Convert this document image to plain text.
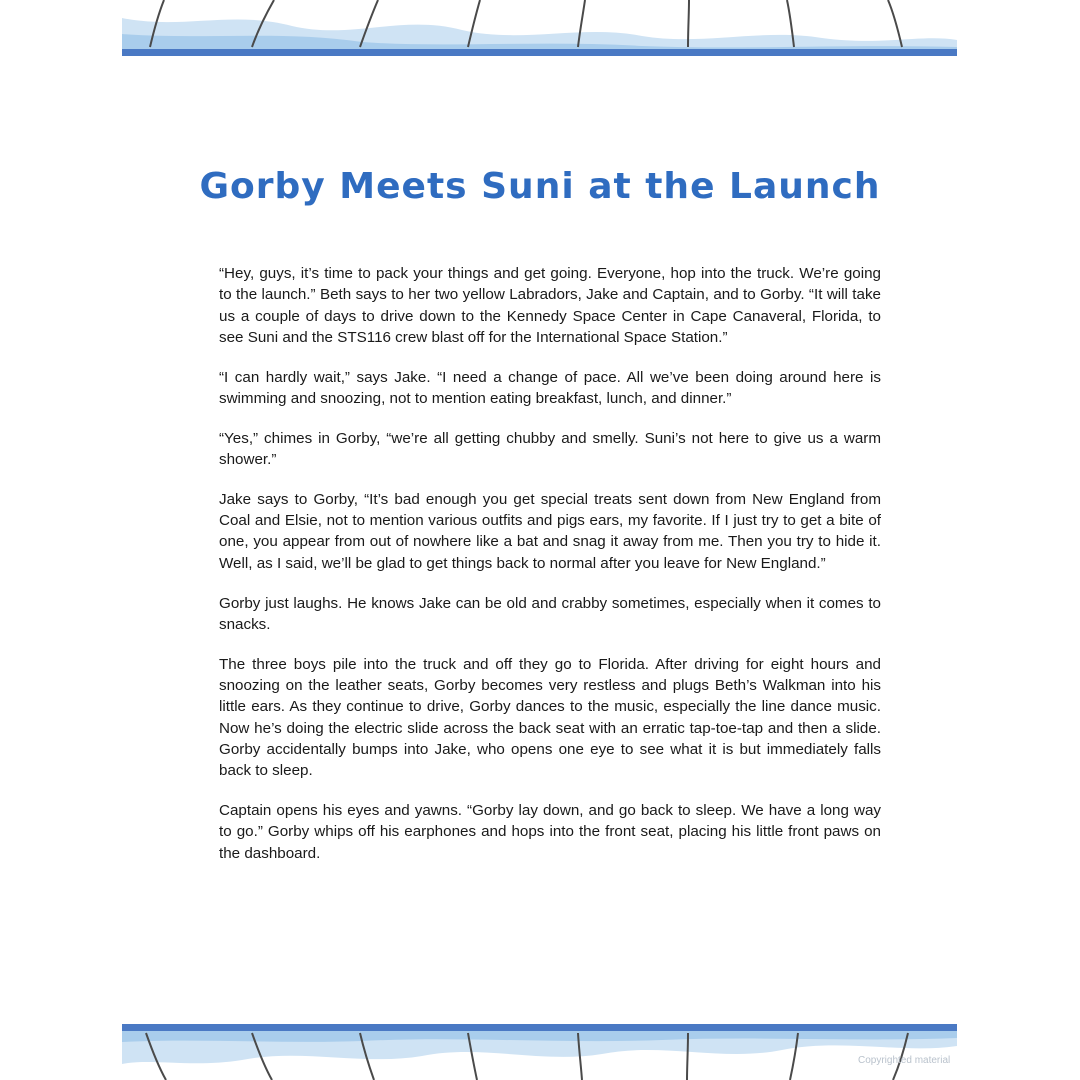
Gorby Meets Suni at the Launch

“Hey, guys, it’s time to pack your things and get going. Everyone, hop into the truck. We’re going to the launch.” Beth says to her two yellow Labradors, Jake and Captain, and to Gorby. “It will take us a couple of days to drive down to the Kennedy Space Center in Cape Canaveral, Florida, to see Suni and the STS116 crew blast off for the International Space Station.”

“I can hardly wait,” says Jake. “I need a change of pace. All we’ve been doing around here is swimming and snoozing, not to mention eating breakfast, lunch, and dinner.”

“Yes,” chimes in Gorby, “we’re all getting chubby and smelly. Suni’s not here to give us a warm shower.”

Jake says to Gorby, “It’s bad enough you get special treats sent down from New England from Coal and Elsie, not to mention various outfits and pigs ears, my favorite. If I just try to get a bite of one, you appear from out of nowhere like a bat and snag it away from me. Then you try to hide it. Well, as I said, we’ll be glad to get things back to normal after you leave for New England.”

Gorby just laughs. He knows Jake can be old and crabby sometimes, especially when it comes to snacks.

The three boys pile into the truck and off they go to Florida. After driving for eight hours and snoozing on the leather seats, Gorby becomes very restless and plugs Beth’s Walkman into his little ears. As they continue to drive, Gorby dances to the music, especially the line dance music. Now he’s doing the electric slide across the back seat with an erratic tap-toe-tap and then a slide. Gorby accidentally bumps into Jake, who opens one eye to see what it is but immediately falls back to sleep.

Captain opens his eyes and yawns. “Gorby lay down, and go back to sleep. We have a long way to go.” Gorby whips off his earphones and hops into the front seat, placing his little front paws on the dashboard.

Copyrighted material
